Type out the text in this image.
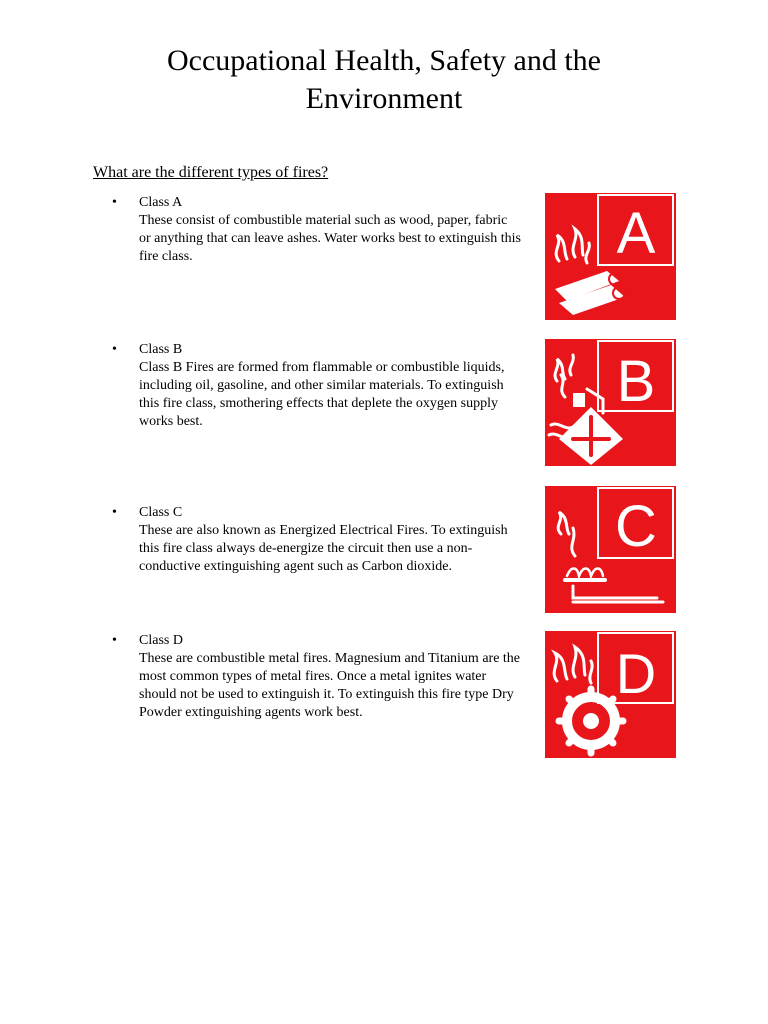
Occupational Health, Safety and the Environment
What are the different types of fires?
• Class A
These consist of combustible material such as wood, paper, fabric or anything that can leave ashes. Water works best to extinguish this fire class.	A
• Class B
Class B Fires are formed from flammable or combustible liquids, including oil, gasoline, and other similar materials. To extinguish this fire class, smothering effects that deplete the oxygen supply works best.
B
• Class C
These are also known as Energized Electrical Fires. To extinguish this fire class always de-energize the circuit then use a non-conductive extinguishing agent such as Carbon dioxide.
C
• Class D
These are combustible metal fires. Magnesium and Titanium are the most common types of metal fires. Once a metal ignites water should not be used to extinguish it. To extinguish this fire type Dry Powder extinguishing agents work best.
D
